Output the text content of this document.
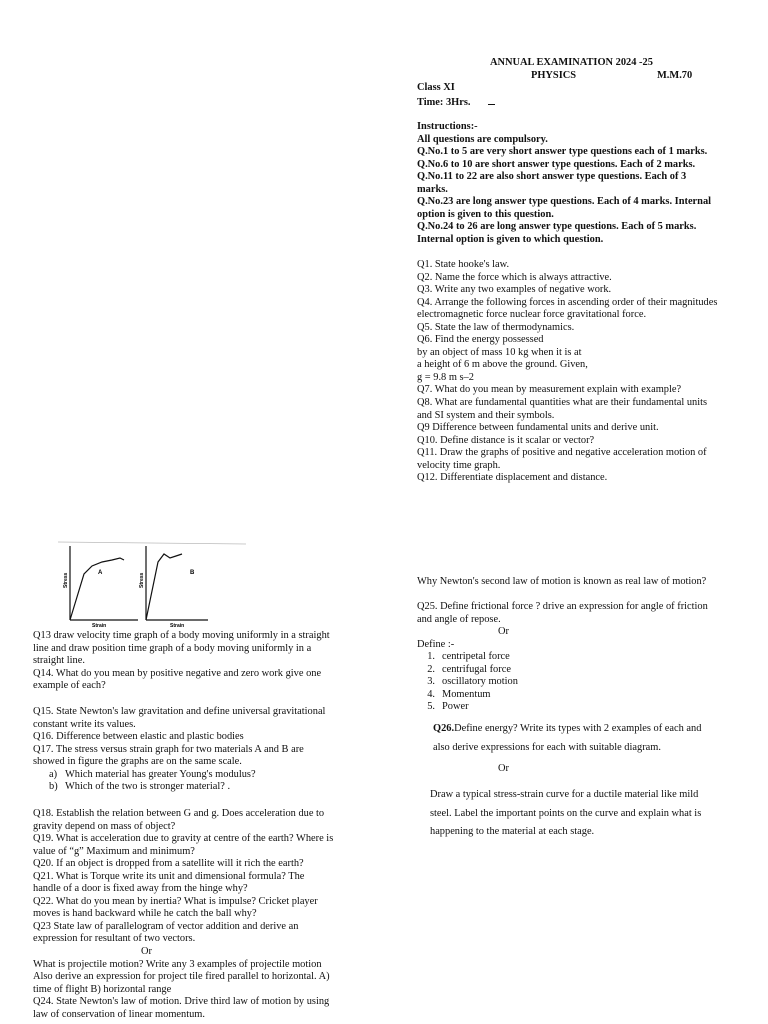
ANNUAL EXAMINATION 2024 -25
PHYSICS	M.M.70
Class XI
Time: 3Hrs.
Instructions:-
All questions are compulsory.
Q.No.1 to 5 are very short answer type questions each of 1 marks.
Q.No.6 to 10 are short answer type questions. Each of 2 marks.
Q.No.11 to 22 are also short answer type questions. Each of 3
marks.
Q.No.23 are long answer type questions. Each of 4 marks. Internal
option is given to this question.
Q.No.24 to 26 are long answer type questions. Each of 5 marks.
Internal option is given to which question.
Q1. State hooke's law.
Q2. Name the force which is always attractive.
Q3. Write any two examples of negative work.
Q4. Arrange the following forces in ascending order of their magnitudes
electromagnetic force nuclear force gravitational force.
Q5. State the law of thermodynamics.
Q6. Find the energy possessed
by an object of mass 10 kg when it is at
a height of 6 m above the ground. Given,
g = 9.8 m s–2
Q7. What do you mean by measurement explain with example?
Q8. What are fundamental quantities what are their fundamental units
and SI system and their symbols.
Q9 Difference between fundamental units and derive unit.
Q10. Define distance is it scalar or vector?
Q11. Draw the graphs of positive and negative acceleration motion of
velocity time graph.
Q12. Differentiate displacement and distance.
A
Stress
Strain
B
Stress
Strain
Q13 draw velocity time graph of a body moving uniformly in a straight
line and draw position time graph of a body moving uniformly in a
straight line.
Q14. What do you mean by positive negative and zero work give one
example of each?
Q15. State Newton's law gravitation and define universal gravitational
constant write its values.
Q16. Difference between elastic and plastic bodies
Q17. The stress versus strain graph for two materials A and B are
showed in figure the graphs are on the same scale.
a) Which material has greater Young's modulus?
b) Which of the two is stronger material? .
Q18. Establish the relation between G and g. Does acceleration due to
gravity depend on mass of object?
Q19. What is acceleration due to gravity at centre of the earth? Where is
value of “g” Maximum and minimum?
Q20. If an object is dropped from a satellite will it rich the earth?
Q21. What is Torque write its unit and dimensional formula? The
handle of a door is fixed away from the hinge why?
Q22. What do you mean by inertia? What is impulse? Cricket player
moves is hand backward while he catch the ball why?
Q23 State law of parallelogram of vector addition and derive an
expression for resultant of two vectors.
Or
What is projectile motion? Write any 3 examples of projectile motion
Also derive an expression for project tile fired parallel to horizontal. A)
time of flight B) horizontal range
Q24. State Newton's law of motion. Drive third law of motion by using
law of conservation of linear momentum.
Why Newton's second law of motion is known as real law of motion?
Q25. Define frictional force ? drive an expression for angle of friction
and angle of repose.
Or
Define :-
1. centripetal force
2. centrifugal force
3. oscillatory motion
4. Momentum
5. Power
Q26.Define energy? Write its types with 2 examples of each and
also derive expressions for each with suitable diagram.
Or
Draw a typical stress-strain curve for a ductile material like mild
steel. Label the important points on the curve and explain what is
happening to the material at each stage.
